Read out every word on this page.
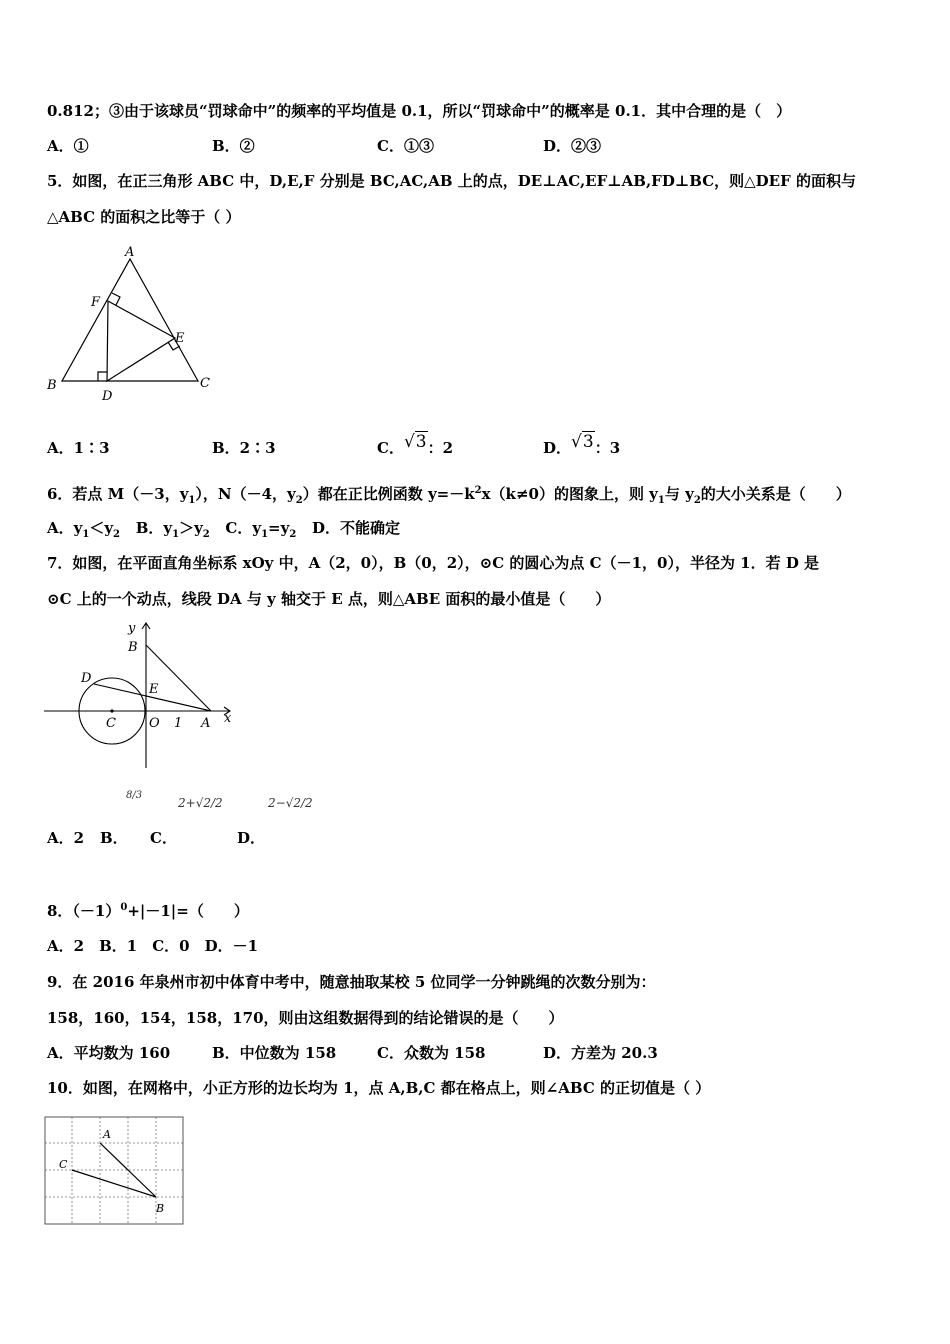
0.812；③由于该球员“罚球命中”的频率的平均值是 0.1，所以“罚球命中”的概率是 0.1．其中合理的是（　）
A．①	B．②	C．①③	D．②③
5．如图，在正三角形 ABC 中，D,E,F 分别是 BC,AC,AB 上的点，DE⊥AC,EF⊥AB,FD⊥BC，则△DEF 的面积与
△ABC 的面积之比等于（ ）
A
F
E
B	C
D
A．1∶3	B．2∶3	C．√3：2	D．√3：3
6．若点 M（－3，$y_1$），N（－4，$y_2$）都在正比例函数 $y=-k^2x(k\ne 0)$的图象上，则 $y_1$与 $y_2$的大小关系是（　　）
A．$y_1<y_2$ B．$y_1>y_2$ C．$y_1=y_2$ D．不能确定
7．如图，在平面直角坐标系 xOy 中，A（2，0），B（0，2），⊙C 的圆心为点 C（－1，0），半径为 1．若 D 是
⊙C 上的一个动点，线段 DA 与 y 轴交于 E 点，则△ABE 面积的最小值是（　　）
y
B
D
E
C	O 1 A x
8/3
2+√2/2	2−√2/2
A．2 B． C．	D．
8．$(-1)^0+|-1|=$（　　）
A．2　B．1　C．0　D．－1
9．在 2016 年泉州市初中体育中考中，随意抽取某校 5 位同学一分钟跳绳的次数分别为：
158，160，154，158，170，则由这组数据得到的结论错误的是（　　）
A．平均数为 160	B．中位数为 158	C．众数为 158	D．方差为 20.3
10．如图，在网格中，小正方形的边长均为 1，点 A,B,C 都在格点上，则∠ABC 的正切值是（ ）
A
C
B
